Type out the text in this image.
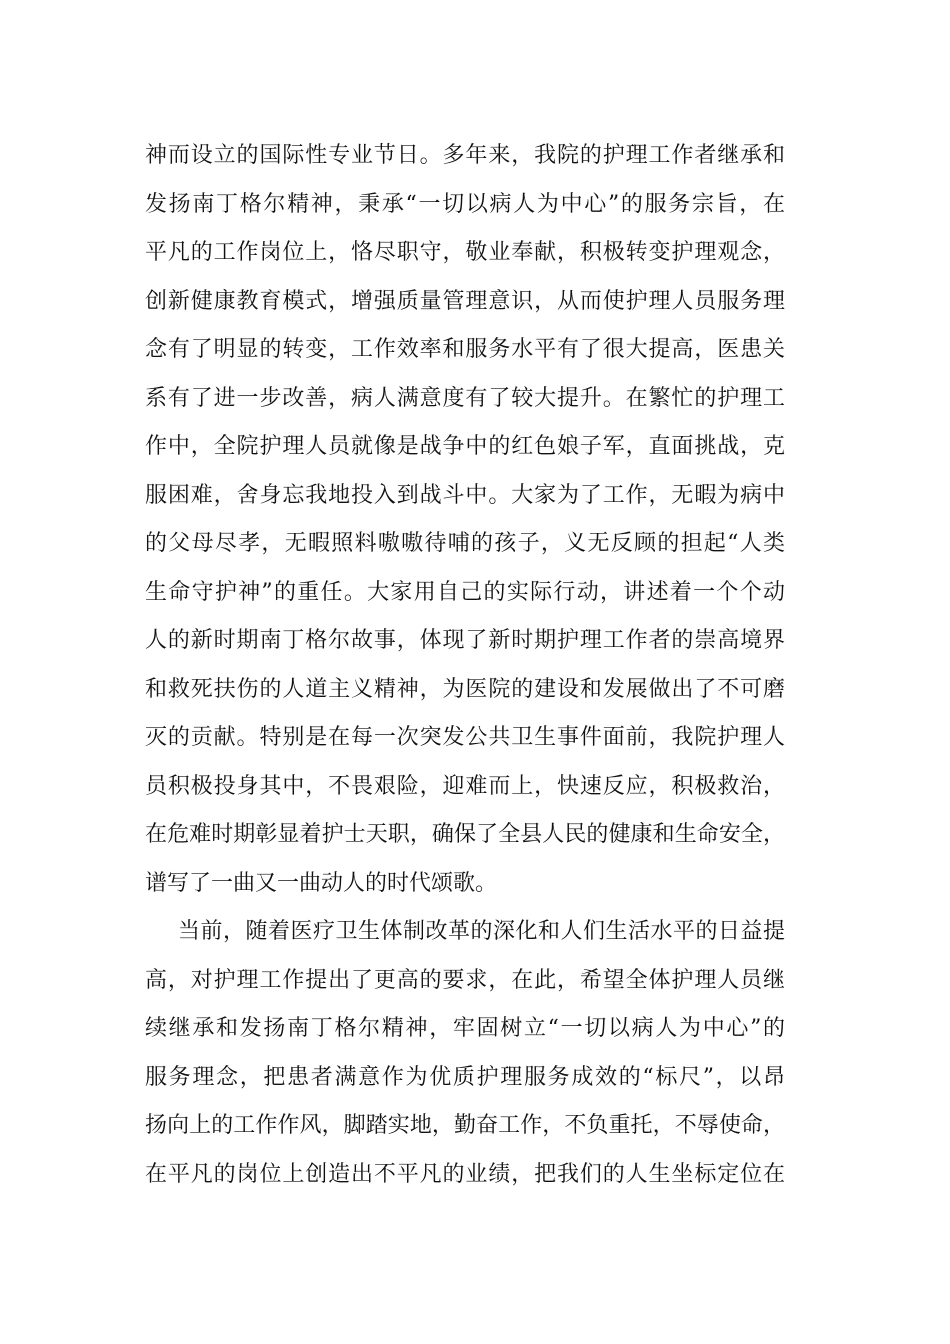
神而设立的国际性专业节日。多年来，我院的护理工作者继承和
发扬南丁格尔精神，秉承“一切以病人为中心”的服务宗旨，在
平凡的工作岗位上，恪尽职守，敬业奉献，积极转变护理观念，
创新健康教育模式，增强质量管理意识，从而使护理人员服务理
念有了明显的转变，工作效率和服务水平有了很大提高，医患关
系有了进一步改善，病人满意度有了较大提升。在繁忙的护理工
作中，全院护理人员就像是战争中的红色娘子军，直面挑战，克
服困难，舍身忘我地投入到战斗中。大家为了工作，无暇为病中
的父母尽孝，无暇照料嗷嗷待哺的孩子，义无反顾的担起“人类
生命守护神”的重任。大家用自己的实际行动，讲述着一个个动
人的新时期南丁格尔故事，体现了新时期护理工作者的崇高境界
和救死扶伤的人道主义精神，为医院的建设和发展做出了不可磨
灭的贡献。特别是在每一次突发公共卫生事件面前，我院护理人
员积极投身其中，不畏艰险，迎难而上，快速反应，积极救治，
在危难时期彰显着护士天职，确保了全县人民的健康和生命安全，
谱写了一曲又一曲动人的时代颂歌。
当前，随着医疗卫生体制改革的深化和人们生活水平的日益提
高，对护理工作提出了更高的要求，在此，希望全体护理人员继
续继承和发扬南丁格尔精神，牢固树立“一切以病人为中心”的
服务理念，把患者满意作为优质护理服务成效的“标尺”，以昂
扬向上的工作作风，脚踏实地，勤奋工作，不负重托，不辱使命，
在平凡的岗位上创造出不平凡的业绩，把我们的人生坐标定位在
